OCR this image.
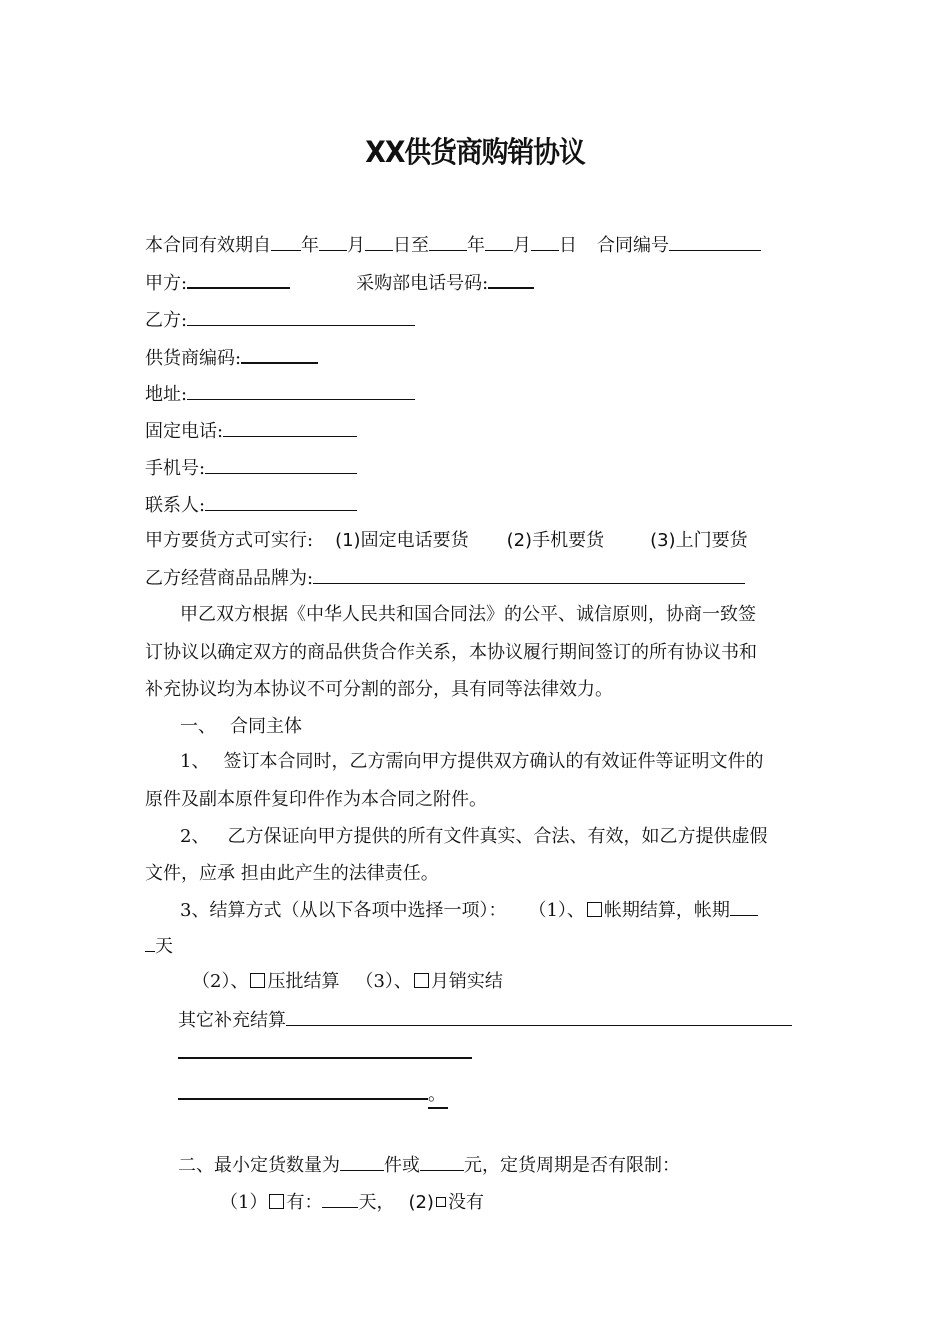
XX供货商购销协议
本合同有效期自 年 月 日至 年 月 日 合同编号
甲方:	采购部电话号码:
乙方:
供货商编码:
地址:
固定电话:
手机号:
联系人:
甲方要货方式可实行: (1)固定电话要货 (2)手机要货	(3)上门要货
乙方经营商品品牌为:
甲乙双方根据《中华人民共和国合同法》的公平、诚信原则，协商一致签
订协议以确定双方的商品供货合作关系，本协议履行期间签订的所有协议书和
补充协议均为本协议不可分割的部分，具有同等法律效力。
一、 合同主体
1、 签订本合同时，乙方需向甲方提供双方确认的有效证件等证明文件的
原件及副本原件复印件作为本合同之附件。
2、 乙方保证向甲方提供的所有文件真实、合法、有效，如乙方提供虚假
文件，应承 担由此产生的法律责任。
3、结算方式（从以下各项中选择一项）： （1）、 帐期结算，帐期
天
（2）、 压批结算 （3）、 月销实结
其它补充结算
。
二、最小定货数量为 件或 元，定货周期是否有限制：
（1） 有： 天， (2) 没有
